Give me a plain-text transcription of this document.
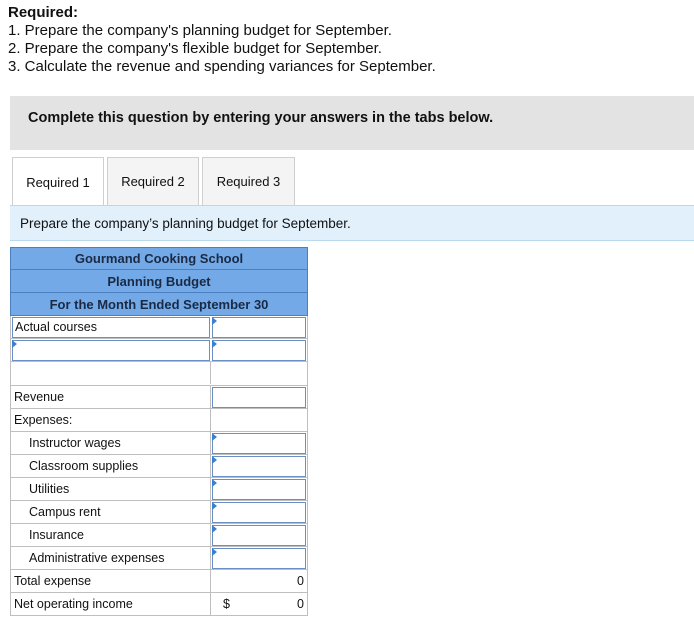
Required:
1. Prepare the company's planning budget for September.
2. Prepare the company's flexible budget for September.
3. Calculate the revenue and spending variances for September.
Complete this question by entering your answers in the tabs below.
Required 1	Required 2	Required 3
Prepare the company’s planning budget for September.
Gourmand Cooking School
Planning Budget
For the Month Ended September 30
Actual courses
Revenue
Expenses:
Instructor wages
Classroom supplies
Utilities
Campus rent
Insurance
Administrative expenses
Total expense	0
Net operating income	$	0
